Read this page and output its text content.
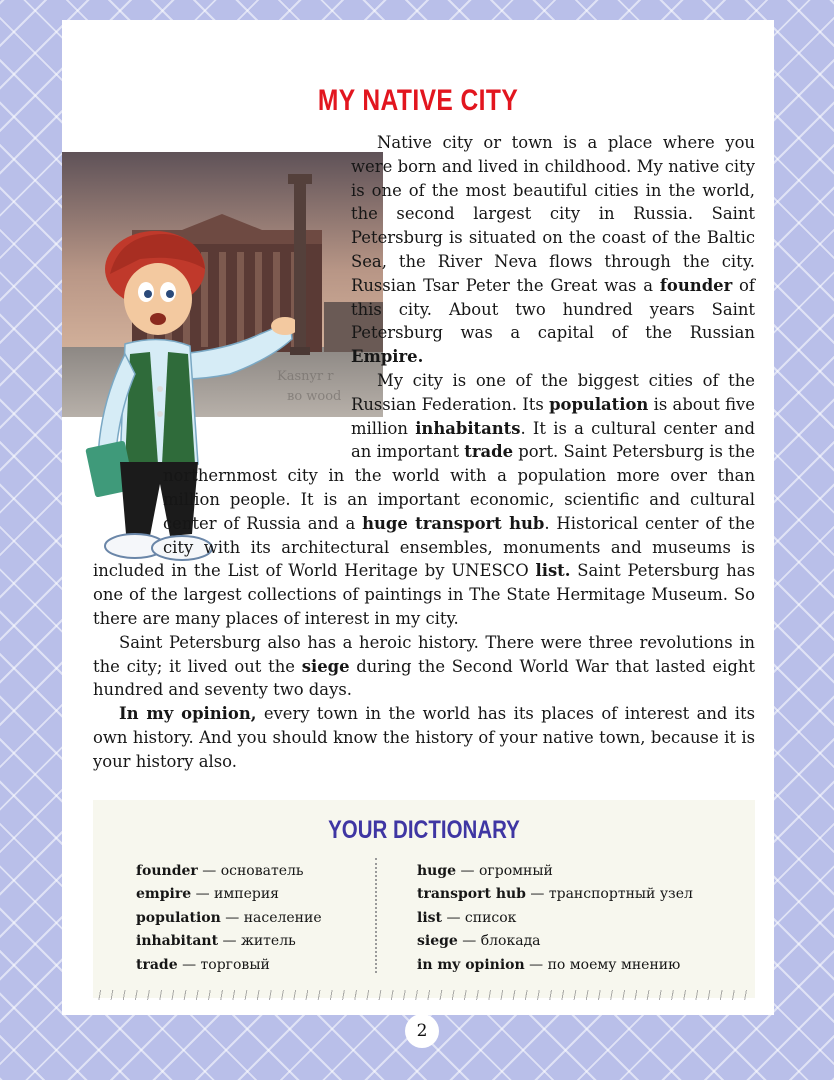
MY NATIVE CITY
Kasnyr r
во wood

Native city or town is a place where you were born and lived in childhood. My native city is one of the most beautiful cities in the world, the second largest city in Russia. Saint Petersburg is situated on the coast of the Baltic Sea, the River Neva flows through the city. Russian Tsar Peter the Great was a founder of this city. About two hundred years Saint Petersburg was a capital of the Russian Empire.

My city is one of the biggest cities of the Russian Federation. Its population is about five million inhabitants. It is a cultural center and an important trade port. Saint Petersburg is the northernmost city in the world with a population more over than million people. It is an important economic, scientific and cultural center of Russia and a huge transport hub. Historical center of the city with its architectural ensembles, monuments and museums is included in the List of World Heritage by UNESCO list. Saint Petersburg has one of the largest collections of paintings in The State Hermitage Museum. So there are many places of interest in my city.

Saint Petersburg also has a heroic history. There were three revolutions in the city; it lived out the siege during the Second World War that lasted eight hundred and seventy two days.

In my opinion, every town in the world has its places of interest and its own history. And you should know the history of your native town, because it is your history also.

YOUR DICTIONARY
founder — основатель
empire — империя
population — население
inhabitant — житель
trade — торговый
huge — огромный
transport hub — транспортный узел
list — список
siege — блокада
in my opinion — по моему мнению
2
